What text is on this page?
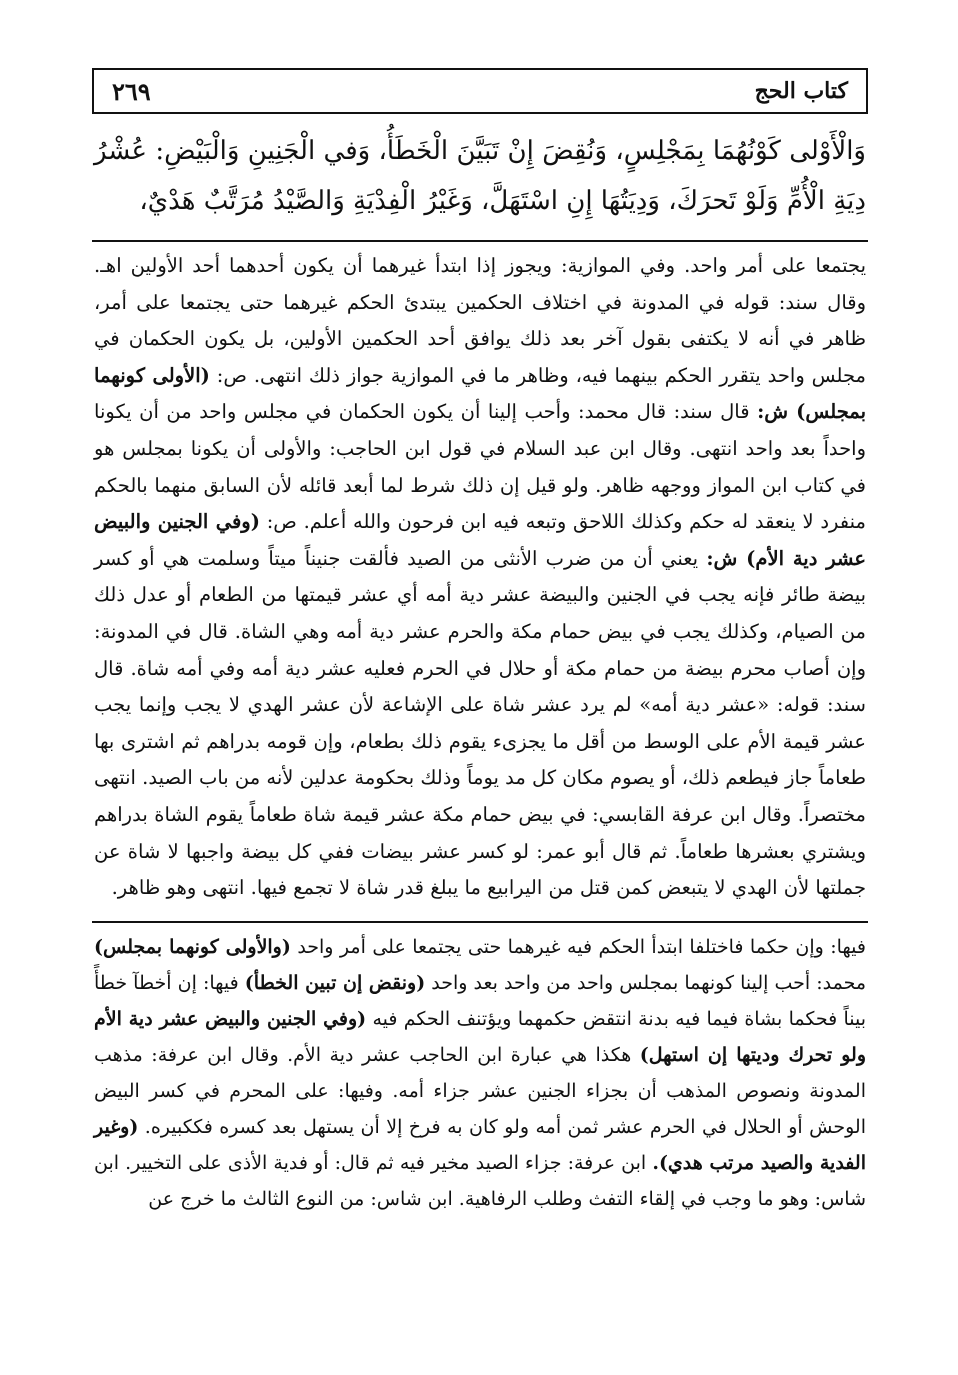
كتاب الحج
٢٦٩
وَالْأَوْلى كَوْنُهُمَا بِمَجْلِسٍ، وَنُقِضَ إِنْ تَبَيَّنَ الْخَطَأُ، وَفي الْجَنِينِ وَالْبَيْضِ: عُشْرُ دِيَةِ الْأُمِّ وَلَوْ تَحرَكَ، وَدِيَتُهَا إِنِ اسْتَهَلَّ، وَغَيْرُ الْفِدْيَةِ وَالصَّيْدُ مُرَتَّبٌ هَدْيٌ،
يجتمعا على أمر واحد. وفي الموازية: ويجوز إذا ابتدأ غيرهما أن يكون أحدهما أحد الأولين اهـ. وقال سند: قوله في المدونة في اختلاف الحكمين يبتدئ الحكم غيرهما حتى يجتمعا على أمر، ظاهر في أنه لا يكتفى بقول آخر بعد ذلك يوافق أحد الحكمين الأولين، بل يكون الحكمان في مجلس واحد يتقرر الحكم بينهما فيه، وظاهر ما في الموازية جواز ذلك انتهى. ص: (الأولى كونهما بمجلس) ش: قال سند: قال محمد: وأحب إلينا أن يكون الحكمان في مجلس واحد من أن يكونا واحداً بعد واحد انتهى. وقال ابن عبد السلام في قول ابن الحاجب: والأولى أن يكونا بمجلس هو في كتاب ابن المواز ووجهه ظاهر. ولو قيل إن ذلك شرط لما أبعد قائله لأن السابق منهما بالحكم منفرد لا ينعقد له حكم وكذلك اللاحق وتبعه فيه ابن فرحون والله أعلم. ص: (وفي الجنين والبيض عشر دية الأم) ش: يعني أن من ضرب الأنثى من الصيد فألقت جنيناً ميتاً وسلمت هي أو كسر بيضة طائر فإنه يجب في الجنين والبيضة عشر دية أمه أي عشر قيمتها من الطعام أو عدل ذلك من الصيام، وكذلك يجب في بيض حمام مكة والحرم عشر دية أمه وهي الشاة. قال في المدونة: وإن أصاب محرم بيضة من حمام مكة أو حلال في الحرم فعليه عشر دية أمه وفي أمه شاة. قال سند: قوله: «عشر دية أمه» لم يرد عشر شاة على الإشاعة لأن عشر الهدي لا يجب وإنما يجب عشر قيمة الأم على الوسط من أقل ما يجزىء يقوم ذلك بطعام، وإن قومه بدراهم ثم اشترى بها طعاماً جاز فيطعم ذلك، أو يصوم مكان كل مد يوماً وذلك بحكومة عدلين لأنه من باب الصيد. انتهى مختصراً. وقال ابن عرفة القابسي: في بيض حمام مكة عشر قيمة شاة طعاماً يقوم الشاة بدراهم ويشتري بعشرها طعاماً. ثم قال أبو عمر: لو كسر عشر بيضات ففي كل بيضة واجبها لا شاة عن جملتها لأن الهدي لا يتبعض كمن قتل من اليرابيع ما يبلغ قدر شاة لا تجمع فيها. انتهى وهو ظاهر.
فيها: وإن حكما فاختلفا ابتدأ الحكم فيه غيرهما حتى يجتمعا على أمر واحد (والأولى كونهما بمجلس) محمد: أحب إلينا كونهما بمجلس واحد من واحد بعد واحد (ونقض إن تبين الخطأ) فيها: إن أخطآ خطأً بيناً فحكما بشاة فيما فيه بدنة انتقض حكمهما ويؤتنف الحكم فيه (وفي الجنين والبيض عشر دية الأم ولو تحرك وديتها إن استهل) هكذا هي عبارة ابن الحاجب عشر دية الأم. وقال ابن عرفة: مذهب المدونة ونصوص المذهب أن بجزاء الجنين عشر جزاء أمه. وفيها: على المحرم في كسر البيض الوحش أو الحلال في الحرم عشر ثمن أمه ولو كان به فرخ إلا أن يستهل بعد كسره فككبيره. (وغير الفدية والصيد مرتب هدي). ابن عرفة: جزاء الصيد مخير فيه ثم قال: أو فدية الأذى على التخيير. ابن شاس: وهو ما وجب في إلقاء التفث وطلب الرفاهية. ابن شاس: من النوع الثالث ما خرج عن
